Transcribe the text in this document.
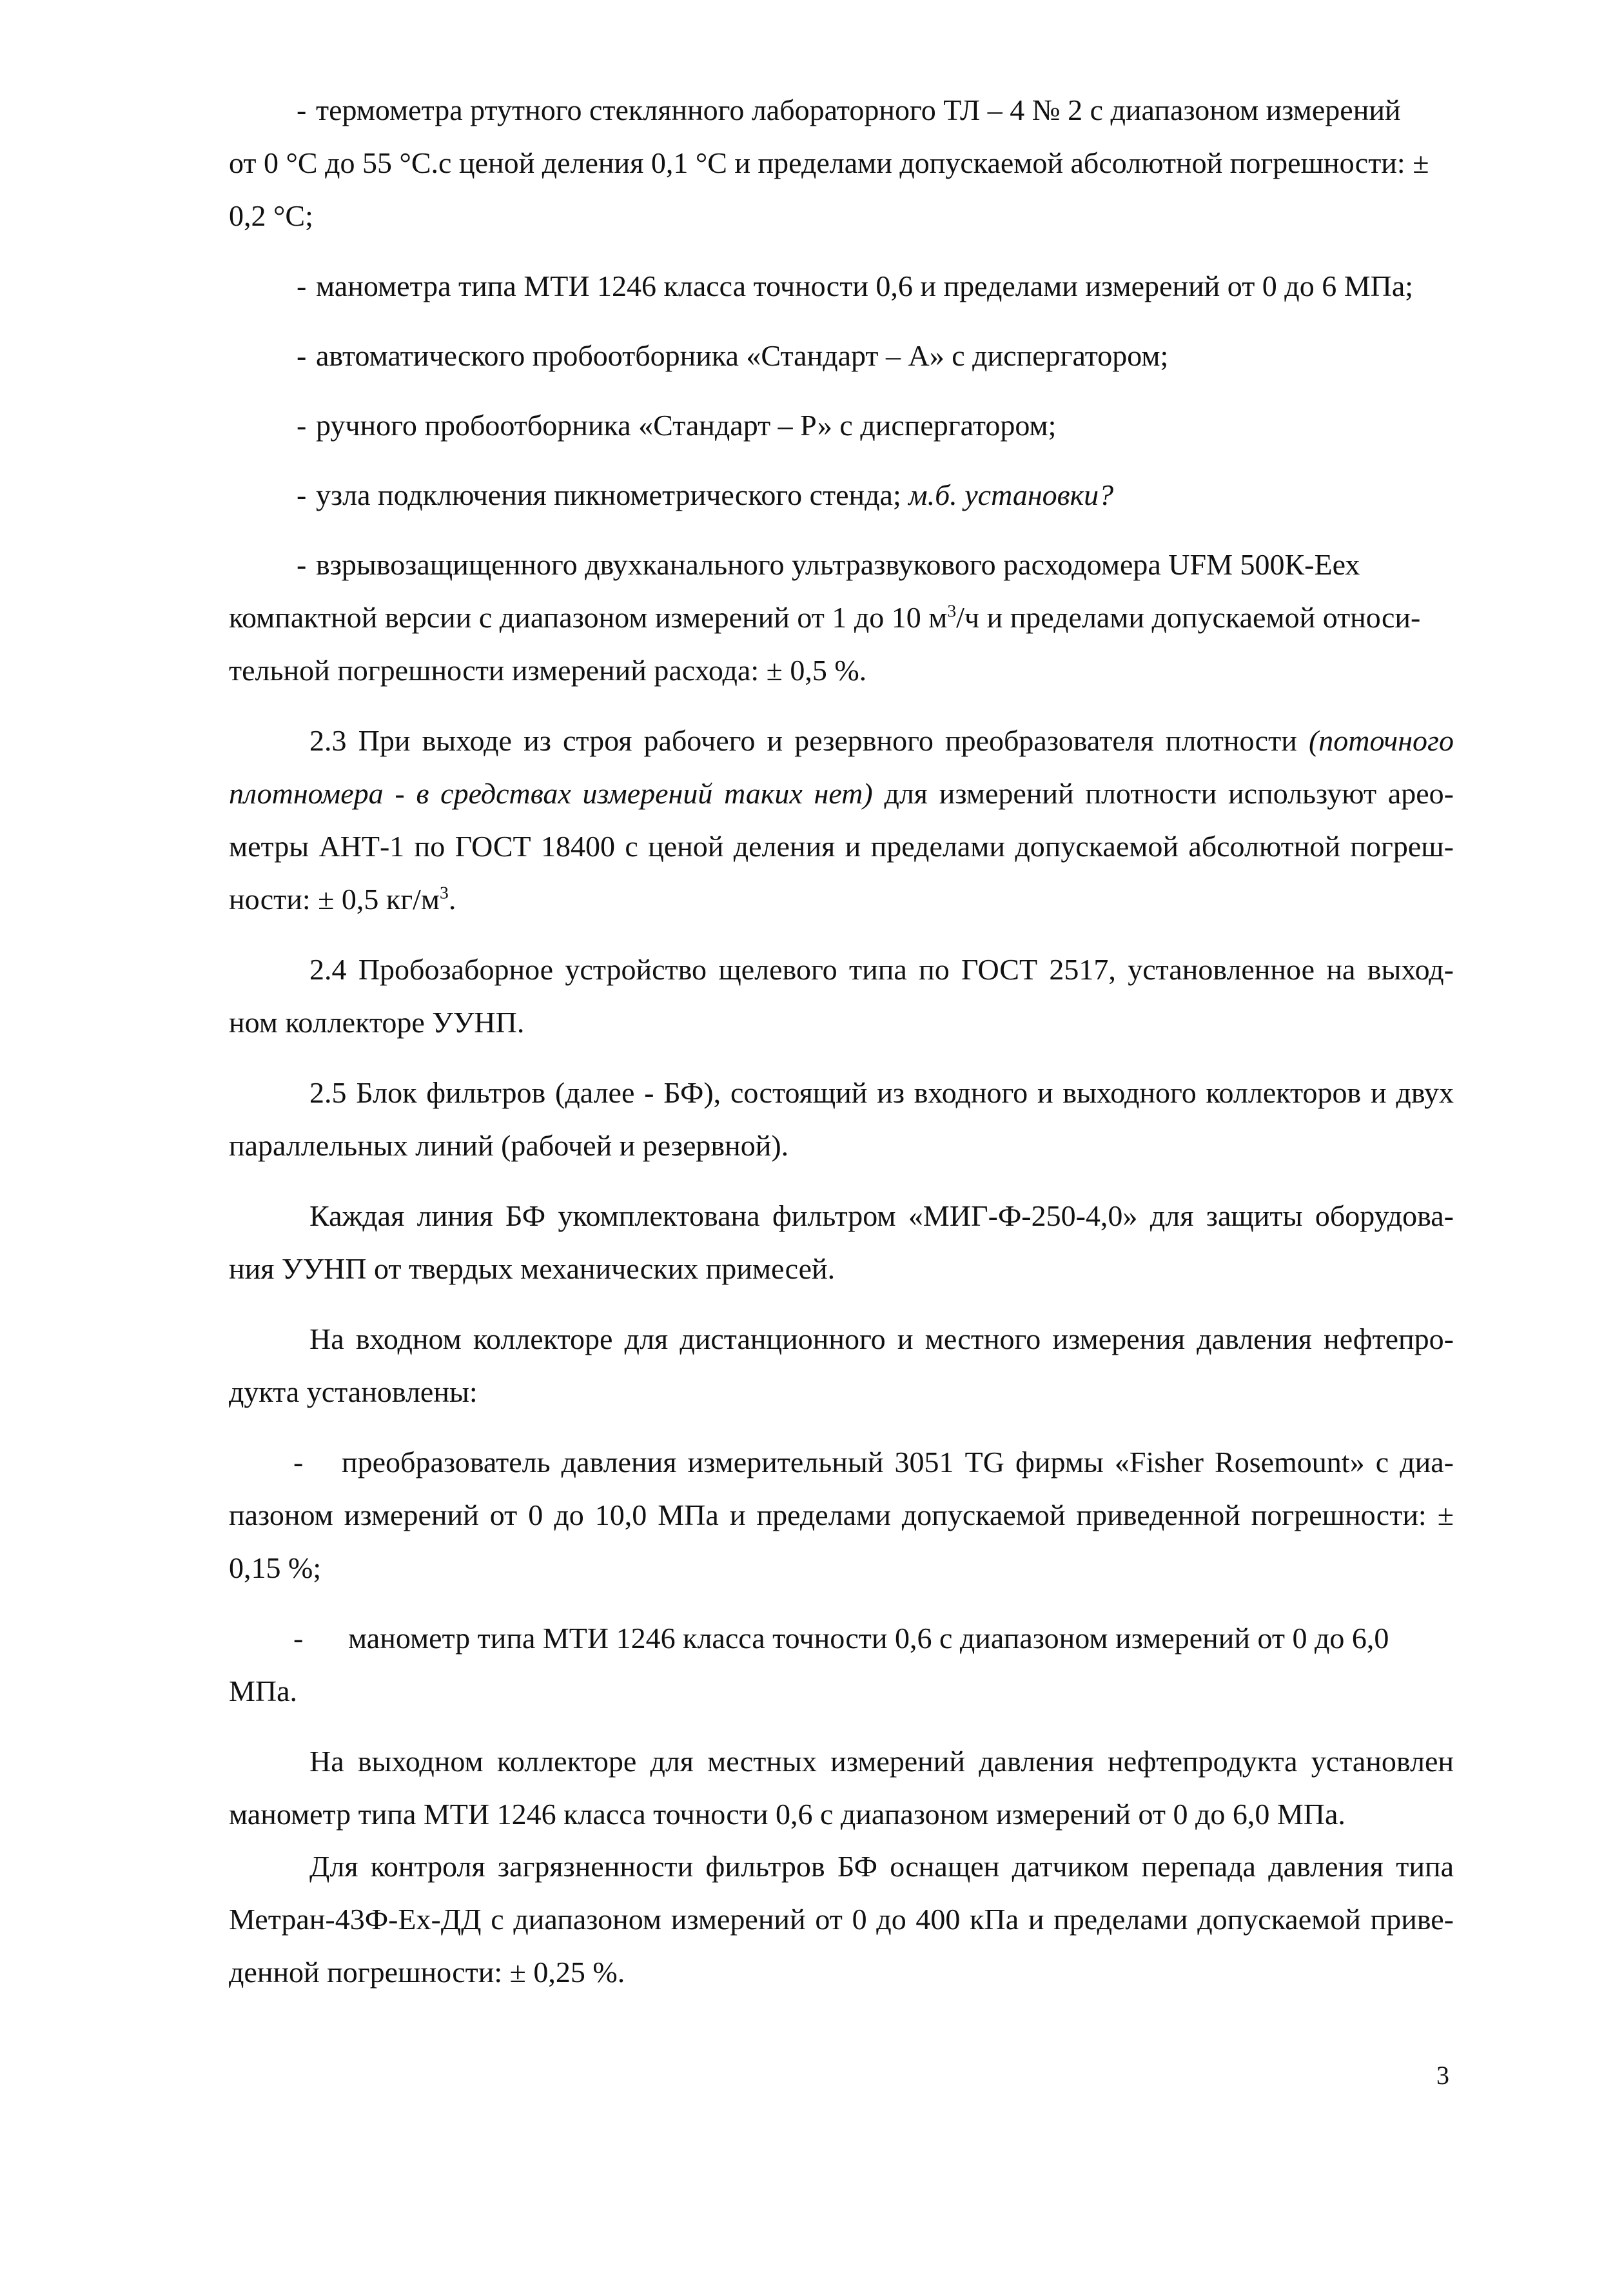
- термометра ртутного стеклянного лабораторного ТЛ – 4 № 2 с диапазоном измерений
от 0 °С до 55 °С.с ценой деления 0,1 °С и пределами допускаемой абсолютной погрешности: ±
0,2 °С;
- манометра типа МТИ 1246 класса точности 0,6 и пределами измерений от 0 до 6 МПа;
- автоматического пробоотборника «Стандарт – А» с диспергатором;
- ручного пробоотборника «Стандарт – Р» с диспергатором;
- узла подключения пикнометрического стенда; м.б. установки?
- взрывозащищенного двухканального ультразвукового расходомера UFM 500К-Еех
компактной версии с диапазоном измерений от 1 до 10 $м^3/ч$ и пределами допускаемой относи-
тельной погрешности измерений расхода: ± 0,5 %.
2.3 При выходе из строя рабочего и резервного преобразователя плотности (поточного плотномера - в средствах измерений таких нет) для измерений плотности используют арео-метры АНТ-1 по ГОСТ 18400 с ценой деления и пределами допускаемой абсолютной погреш-ности: ± 0,5 $кг/м^3$.
2.4 Пробозаборное устройство щелевого типа по ГОСТ 2517, установленное на выход-ном коллекторе УУНП.
2.5 Блок фильтров (далее - БФ), состоящий из входного и выходного коллекторов и двух параллельных линий (рабочей и резервной).
Каждая линия БФ укомплектована фильтром «МИГ-Ф-250-4,0» для защиты оборудова-ния УУНП от твердых механических примесей.
На входном коллекторе для дистанционного и местного измерения давления нефтепро-дукта установлены:
- преобразователь давления измерительный 3051 TG фирмы «Fisher Rosemount» с диа-пазоном измерений от 0 до 10,0 МПа и пределами допускаемой приведенной погрешности: ± 0,15 %;
- манометр типа МТИ 1246 класса точности 0,6 с диапазоном измерений от 0 до 6,0
МПа.
На выходном коллекторе для местных измерений давления нефтепродукта установлен манометр типа МТИ 1246 класса точности 0,6 с диапазоном измерений от 0 до 6,0 МПа.
Для контроля загрязненности фильтров БФ оснащен датчиком перепада давления типа Метран-43Ф-Ех-ДД с диапазоном измерений от 0 до 400 кПа и пределами допускаемой приве-денной погрешности: ± 0,25 %.
3
